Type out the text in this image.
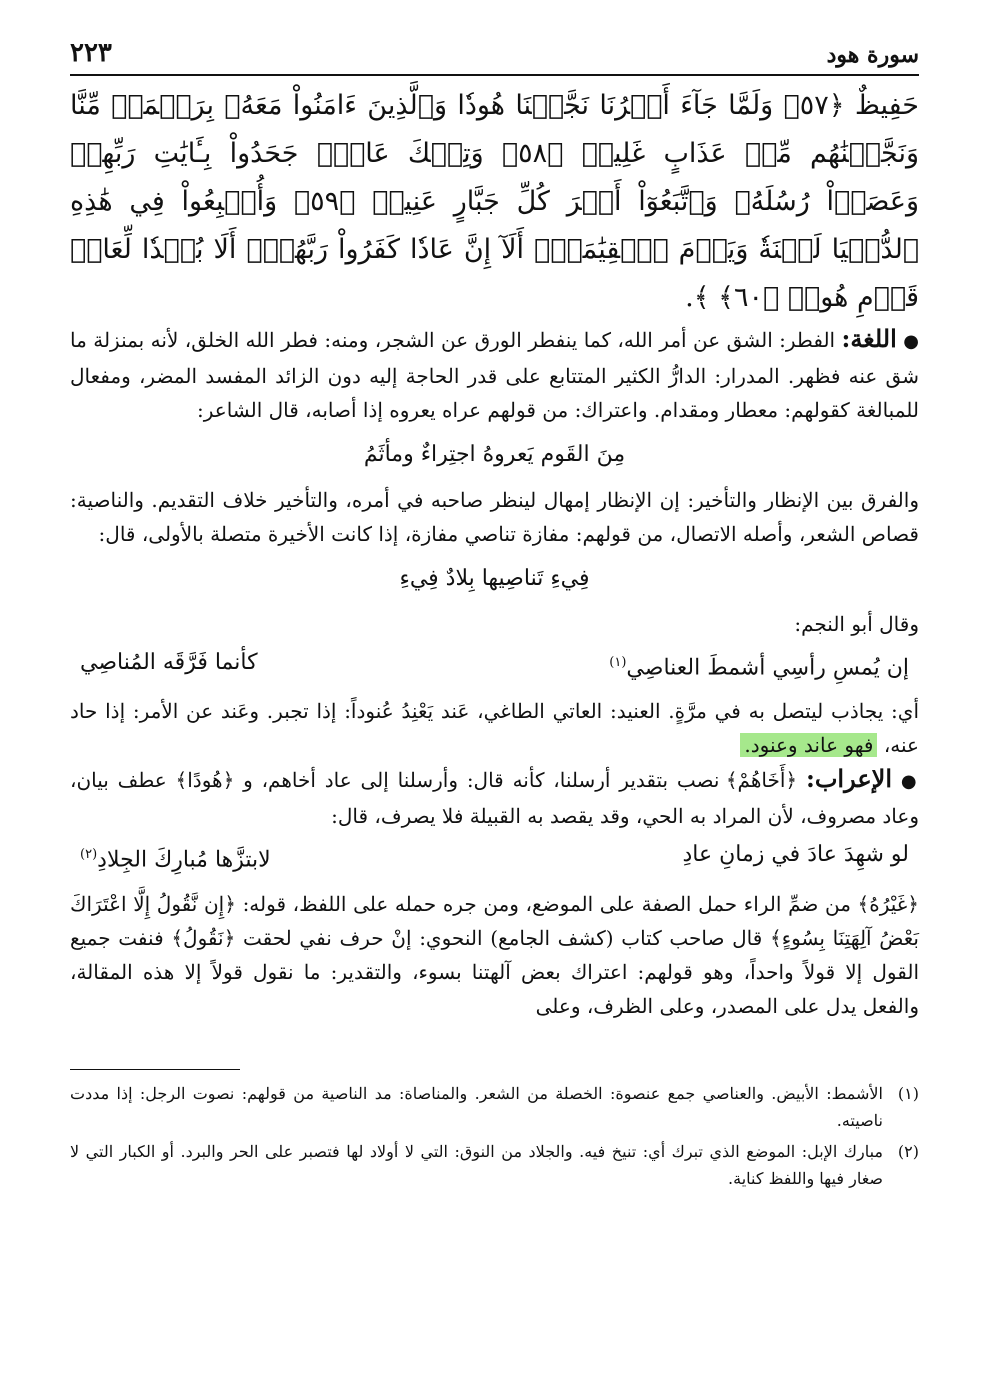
سورة هود
٢٢٣
حَفِيظٌ ﴿٥٧﴾ وَلَمَّا جَآءَ أَمۡرُنَا نَجَّيۡنَا هُودٗا وَٱلَّذِينَ ءَامَنُواْ مَعَهُۥ بِرَحۡمَةٖ مِّنَّا وَنَجَّيۡنَٰهُم مِّنۡ عَذَابٍ غَلِيظٖ ﴿٥٨﴾ وَتِلۡكَ عَادٞۖ جَحَدُواْ بِـَٔايَٰتِ رَبِّهِمۡ وَعَصَوۡاْ رُسُلَهُۥ وَٱتَّبَعُوٓاْ أَمۡرَ كُلِّ جَبَّارٍ عَنِيدٖ ﴿٥٩﴾ وَأُتۡبِعُواْ فِي هَٰذِهِ ٱلدُّنۡيَا لَعۡنَةٗ وَيَوۡمَ ٱلۡقِيَٰمَةِۗ أَلَآ إِنَّ عَادٗا كَفَرُواْ رَبَّهُمۡۗ أَلَا بُعۡدٗا لِّعَادٖ قَوۡمِ هُودٖ ﴿٦٠﴾ ﴾.

● اللغة: الفطر: الشق عن أمر الله، كما ينفطر الورق عن الشجر، ومنه: فطر الله الخلق، لأنه بمنزلة ما شق عنه فظهر. المدرار: الدارُّ الكثير المتتابع على قدر الحاجة إليه دون الزائد المفسد المضر، ومفعال للمبالغة كقولهم: معطار ومقدام. واعتراك: من قولهم عراه يعروه إذا أصابه، قال الشاعر:

مِنَ القَوم يَعروهُ اجتِراءٌ ومأثَمُ

والفرق بين الإنظار والتأخير: إن الإنظار إمهال لينظر صاحبه في أمره، والتأخير خلاف التقديم. والناصية: قصاص الشعر، وأصله الاتصال، من قولهم: مفازة تناصي مفازة، إذا كانت الأخيرة متصلة بالأولى، قال:

فِيءِ تَناصِيها بِلادٌ فِيءِ

وقال أبو النجم:

إن يُمسِ رأسِي أشمطَ العناصِي$^{(١)}$
كأنما فَرَّقَه المُناصِي

أي: يجاذب ليتصل به في مرَّةٍ. العنيد: العاتي الطاغي، عَند يَعْنِدُ عُنوداً: إذا تجبر. وعَند عن الأمر: إذا حاد عنه، فهو عاند وعنود.

● الإعراب: ﴿أَخَاهُمْ﴾ نصب بتقدير أرسلنا، كأنه قال: وأرسلنا إلى عاد أخاهم، و ﴿هُودًا﴾ عطف بيان، وعاد مصروف، لأن المراد به الحي، وقد يقصد به القبيلة فلا يصرف، قال:

لو شهِدَ عادَ في زمانِ عادِ
لابتزَّها مُبارِكَ الجِلادِ$^{(٢)}$

﴿غَيْرُهُ﴾ من ضمِّ الراء حمل الصفة على الموضع، ومن جره حمله على اللفظ، قوله: ﴿إِن نَّقُولُ إِلَّا اعْتَرَاكَ بَعْضُ آلِهَتِنَا بِسُوءٍ﴾ قال صاحب كتاب (كشف الجامع) النحوي: إنْ حرف نفي لحقت ﴿نَقُولُ﴾ فنفت جميع القول إلا قولاً واحداً، وهو قولهم: اعتراك بعض آلهتنا بسوء، والتقدير: ما نقول قولاً إلا هذه المقالة، والفعل يدل على المصدر، وعلى الظرف، وعلى

(١)
الأشمط: الأبيض. والعناصي جمع عنصوة: الخصلة من الشعر. والمناصاة: مد الناصية من قولهم: نصوت الرجل: إذا مددت ناصيته.
(٢)
مبارك الإبل: الموضع الذي تبرك أي: تنيخ فيه. والجلاد من النوق: التي لا أولاد لها فتصبر على الحر والبرد. أو الكبار التي لا صغار فيها واللفظ كناية.
